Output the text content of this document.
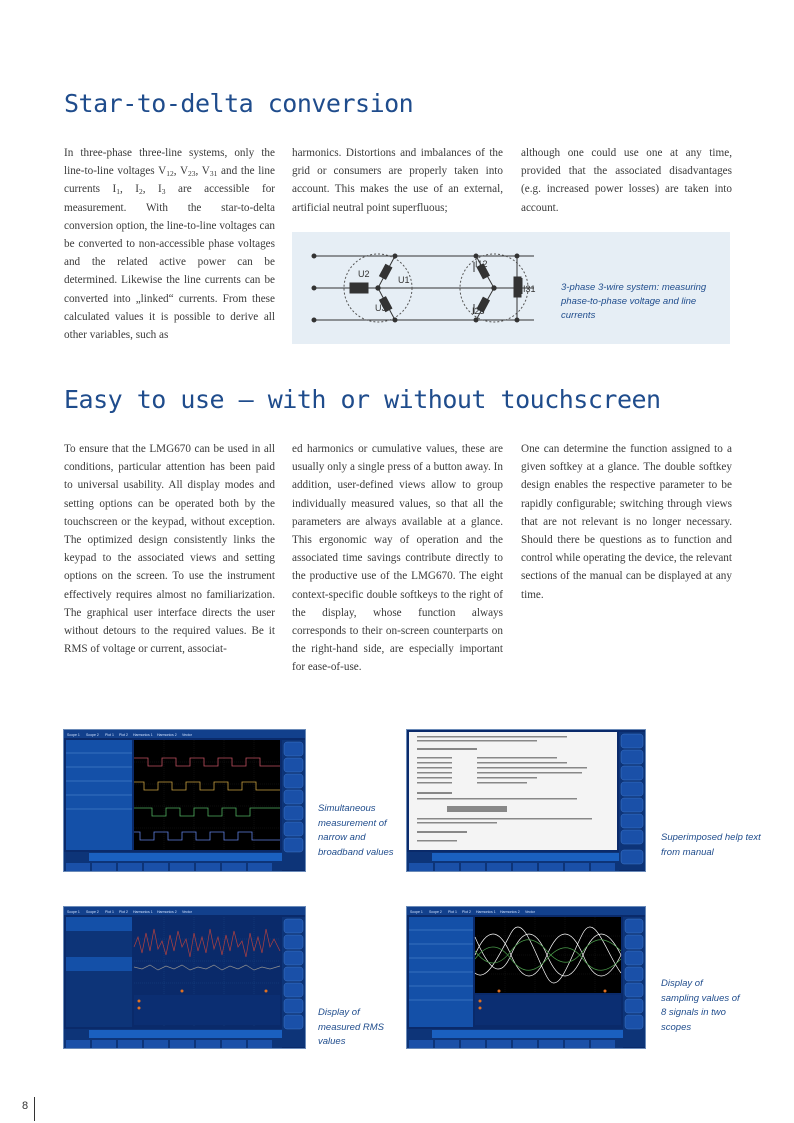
Star-to-delta conversion

In three-phase three-line systems, only the line-to-line voltages $V_{12}$, $V_{23}$, $V_{31}$ and the line currents $I_1$, $I_2$, $I_3$ are accessible for measurement. With the star-to-delta conversion option, the line-to-line voltages can be converted to non-accessible phase voltages and the related active power can be determined. Likewise the line currents can be converted into „linked“ currents. From these calculated values it is possible to derive all other variables, such as

harmonics. Distortions and imbalances of the grid or consumers are properly taken into account. This makes the use of an external, artificial neutral point superfluous;

although one could use one at any time, provided that the associated disadvantages (e.g. increased power losses) are taken into account.

U2
U1
U3
I12
I31
I23
3-phase 3-wire system: measuring phase-to-phase voltage and line currents
Easy to use – with or without touchscreen

To ensure that the LMG670 can be used in all conditions, particular attention has been paid to universal usability. All display modes and setting options can be operated both by the touchscreen or the keypad, without exception. The optimized design consistently links the keypad to the associated views and setting options on the screen. To use the instrument effectively requires almost no familiarization. The graphical user interface directs the user without detours to the required values. Be it RMS of voltage or current, associat-

ed harmonics or cumulative values, these are usually only a single press of a button away. In addition, user-defined views allow to group individually measured values, so that all the parameters are always available at a glance. This ergonomic way of operation and the associated time savings contribute directly to the productive use of the LMG670. The eight context-specific double softkeys to the right of the display, whose function always corresponds to their on-screen counterparts on the right-hand side, are especially important for ease-of-use.

One can determine the function assigned to a given softkey at a glance. The double softkey design enables the respective parameter to be rapidly configurable; switching through views that are not relevant is no longer necessary. Should there be questions as to function and control while operating the device, the relevant sections of the manual can be displayed at any time.

Scope 1 Scope 2 Plot 1 Plot 2 Harmonics 1 Harmonics 2 Vector
Simultaneous measurement of narrow and broadband values
Superimposed help text from manual
Scope 1 Scope 2 Plot 1 Plot 2 Harmonics 1 Harmonics 2 Vector
Display of measured RMS values
Scope 1 Scope 2 Plot 1 Plot 2 Harmonics 1 Harmonics 2 Vector
Display of sampling values of 8 signals in two scopes
8
